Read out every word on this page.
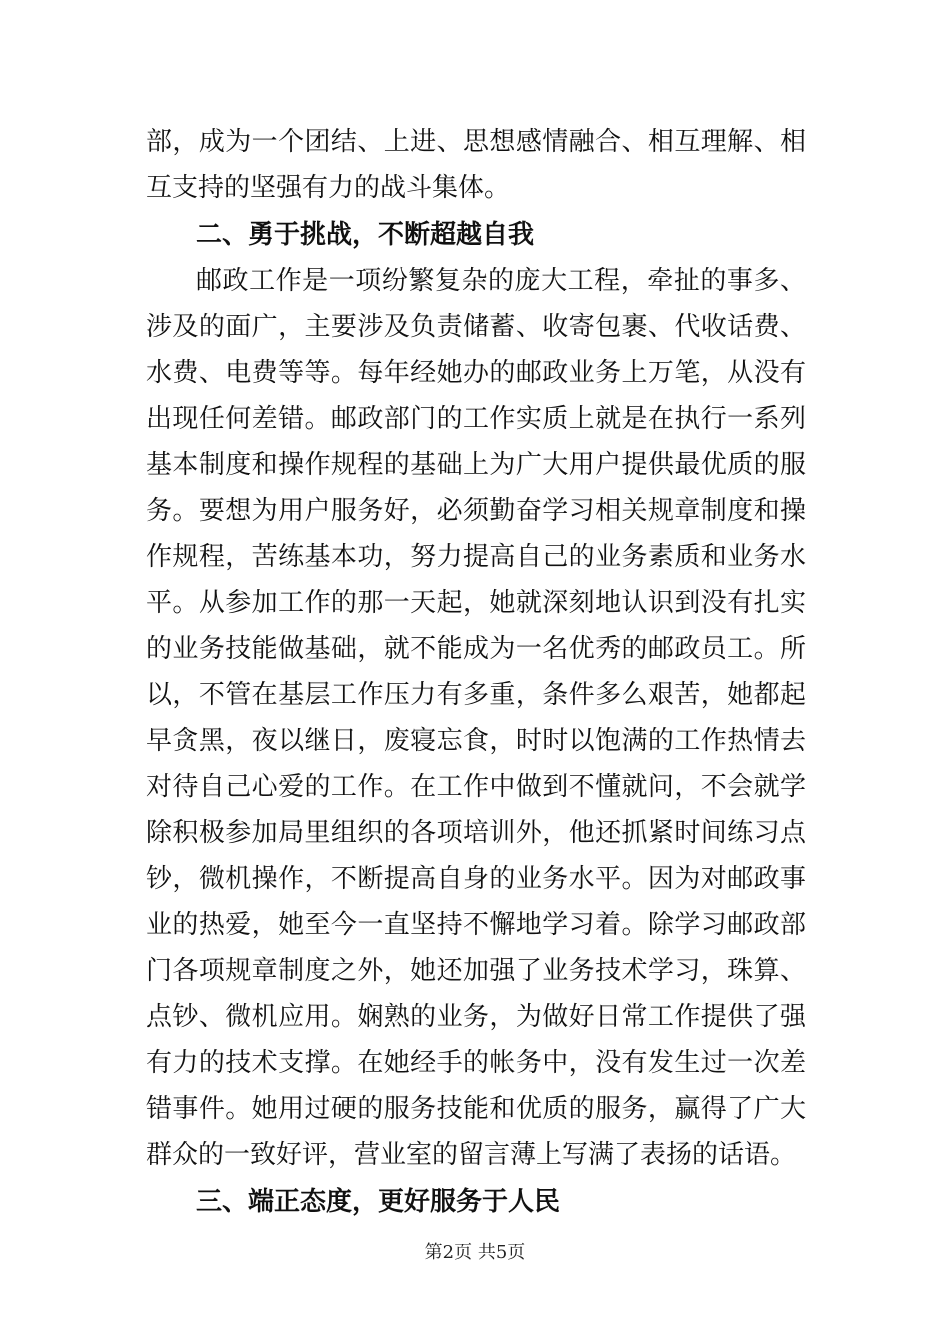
部，成为一个团结、上进、思想感情融合、相互理解、相
互支持的坚强有力的战斗集体。
二、勇于挑战，不断超越自我
邮政工作是一项纷繁复杂的庞大工程，牵扯的事多、
涉及的面广，主要涉及负责储蓄、收寄包裹、代收话费、
水费、电费等等。每年经她办的邮政业务上万笔，从没有
出现任何差错。邮政部门的工作实质上就是在执行一系列
基本制度和操作规程的基础上为广大用户提供最优质的服
务。要想为用户服务好，必须勤奋学习相关规章制度和操
作规程，苦练基本功，努力提高自己的业务素质和业务水
平。从参加工作的那一天起，她就深刻地认识到没有扎实
的业务技能做基础，就不能成为一名优秀的邮政员工。所
以，不管在基层工作压力有多重，条件多么艰苦，她都起
早贪黑，夜以继日，废寝忘食，时时以饱满的工作热情去
对待自己心爱的工作。在工作中做到不懂就问，不会就学
除积极参加局里组织的各项培训外，他还抓紧时间练习点
钞，微机操作，不断提高自身的业务水平。因为对邮政事
业的热爱，她至今一直坚持不懈地学习着。除学习邮政部
门各项规章制度之外，她还加强了业务技术学习，珠算、
点钞、微机应用。娴熟的业务，为做好日常工作提供了强
有力的技术支撑。在她经手的帐务中，没有发生过一次差
错事件。她用过硬的服务技能和优质的服务，赢得了广大
群众的一致好评，营业室的留言薄上写满了表扬的话语。
三、端正态度，更好服务于人民
第2页 共5页
